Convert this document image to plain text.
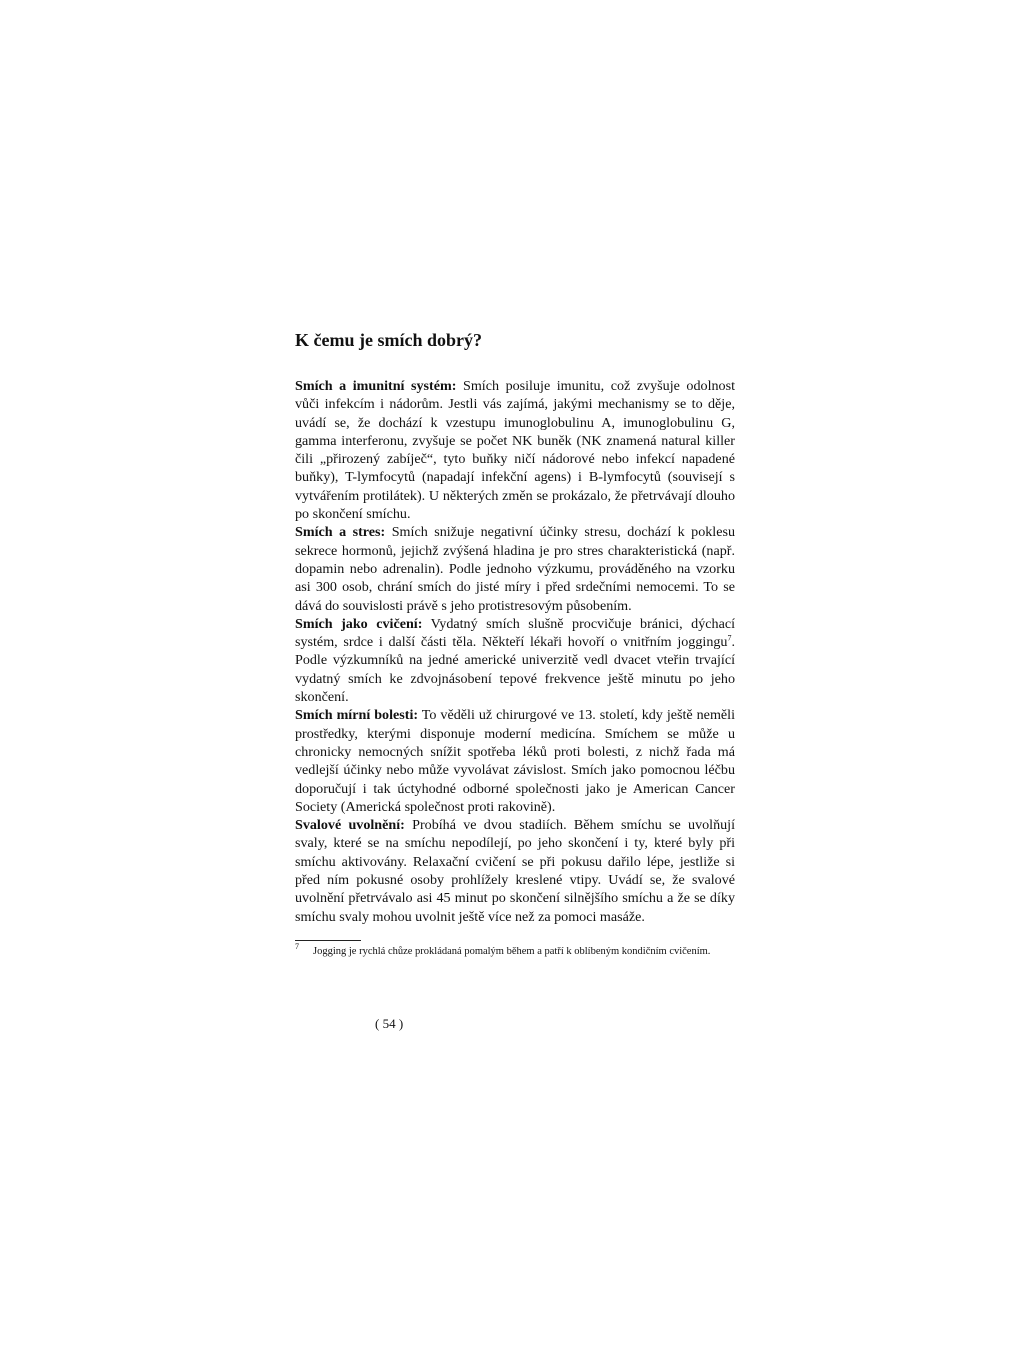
K čemu je smích dobrý?

Smích a imunitní systém: Smích posiluje imunitu, což zvyšuje odolnost vůči infekcím i nádorům. Jestli vás zajímá, jakými mechanismy se to děje, uvádí se, že dochází k vzestupu imunoglobulinu A, imunoglobulinu G, gamma interferonu, zvyšuje se počet NK buněk (NK znamená natural killer čili „přirozený zabíječ“, tyto buňky ničí nádorové nebo infekcí napadené buňky), T-lymfocytů (napadají infekční agens) i B-lymfocytů (souvisejí s vytvářením protilátek). U některých změn se prokázalo, že přetrvávají dlouho po skončení smíchu.

Smích a stres: Smích snižuje negativní účinky stresu, dochází k poklesu sekrece hormonů, jejichž zvýšená hladina je pro stres charakteristická (např. dopamin nebo adrenalin). Podle jednoho výzkumu, prováděného na vzorku asi 300 osob, chrání smích do jisté míry i před srdečními nemocemi. To se dává do souvislosti právě s jeho protistresovým působením.

Smích jako cvičení: Vydatný smích slušně procvičuje bránici, dýchací systém, srdce i další části těla. Někteří lékaři hovoří o vnitřním joggingu$^7$. Podle výzkumníků na jedné americké univerzitě vedl dvacet vteřin trvající vydatný smích ke zdvojnásobení tepové frekvence ještě minutu po jeho skončení.

Smích mírní bolesti: To věděli už chirurgové ve 13. století, kdy ještě neměli prostředky, kterými disponuje moderní medicína. Smíchem se může u chronicky nemocných snížit spotřeba léků proti bolesti, z nichž řada má vedlejší účinky nebo může vyvolávat závislost. Smích jako pomocnou léčbu doporučují i tak úctyhodné odborné společnosti jako je American Cancer Society (Americká společnost proti rakovině).

Svalové uvolnění: Probíhá ve dvou stadiích. Během smíchu se uvolňují svaly, které se na smíchu nepodílejí, po jeho skončení i ty, které byly při smíchu aktivovány. Relaxační cvičení se při pokusu dařilo lépe, jestliže si před ním pokusné osoby prohlížely kreslené vtipy. Uvádí se, že svalové uvolnění přetrvávalo asi 45 minut po skončení silnějšího smíchu a že se díky smíchu svaly mohou uvolnit ještě více než za pomoci masáže.

$^7$ Jogging je rychlá chůze prokládaná pomalým během a patří k oblíbeným kondičním cvičením.

( 54 )
